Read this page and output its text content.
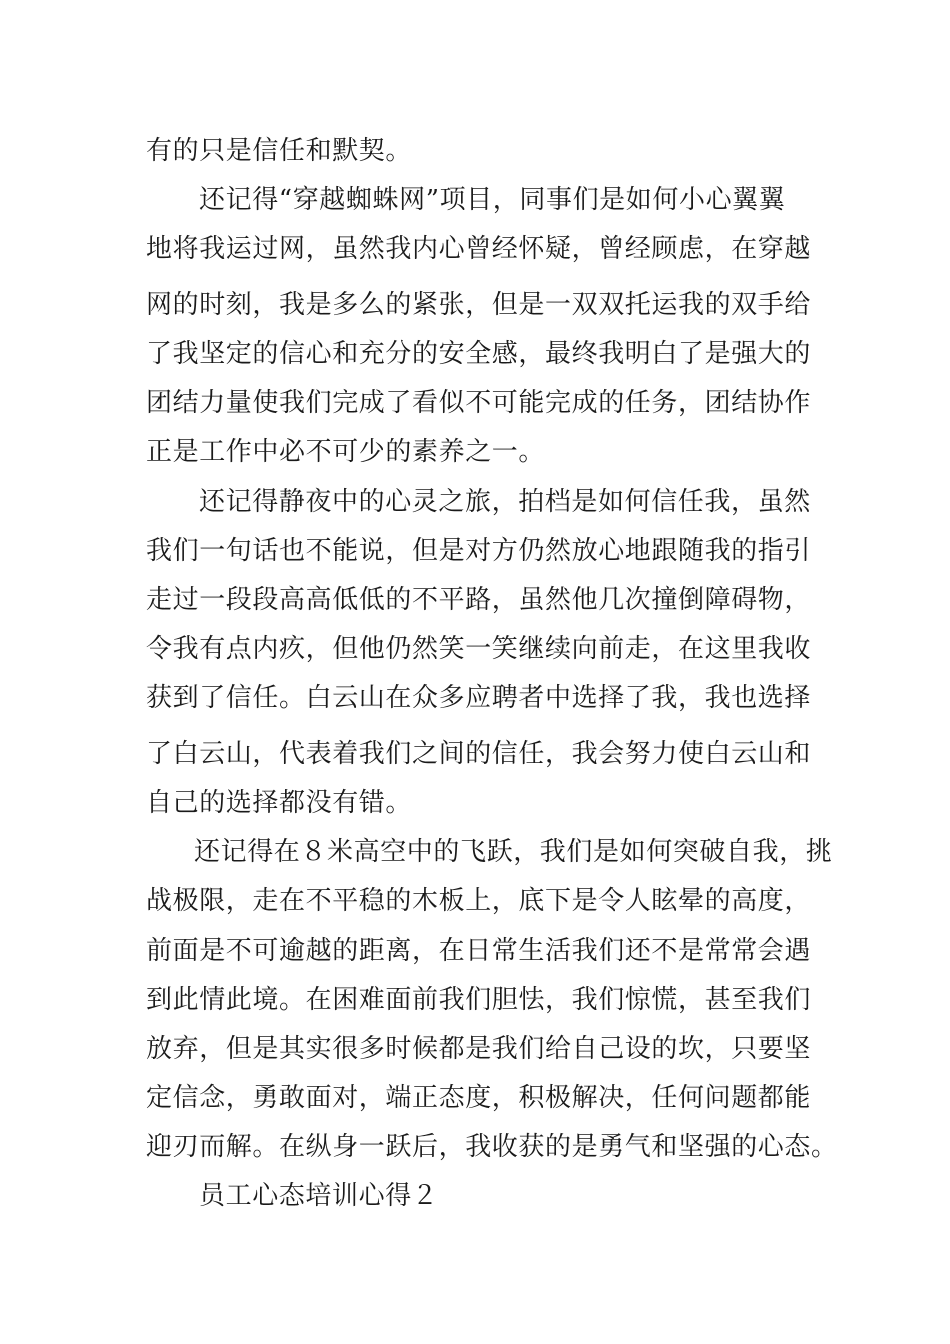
有的只是信任和默契。
还记得“穿越蜘蛛网”项目，同事们是如何小心翼翼
地将我运过网，虽然我内心曾经怀疑，曾经顾虑，在穿越
网的时刻，我是多么的紧张，但是一双双托运我的双手给
了我坚定的信心和充分的安全感，最终我明白了是强大的
团结力量使我们完成了看似不可能完成的任务，团结协作
正是工作中必不可少的素养之一。
还记得静夜中的心灵之旅，拍档是如何信任我，虽然
我们一句话也不能说，但是对方仍然放心地跟随我的指引
走过一段段高高低低的不平路，虽然他几次撞倒障碍物，
令我有点内疚，但他仍然笑一笑继续向前走，在这里我收
获到了信任。白云山在众多应聘者中选择了我，我也选择
了白云山，代表着我们之间的信任，我会努力使白云山和
自己的选择都没有错。
还记得在８米高空中的飞跃，我们是如何突破自我，挑
战极限，走在不平稳的木板上，底下是令人眩晕的高度，
前面是不可逾越的距离，在日常生活我们还不是常常会遇
到此情此境。在困难面前我们胆怯，我们惊慌，甚至我们
放弃，但是其实很多时候都是我们给自己设的坎，只要坚
定信念，勇敢面对，端正态度，积极解决，任何问题都能
迎刃而解。在纵身一跃后，我收获的是勇气和坚强的心态。
员工心态培训心得２
